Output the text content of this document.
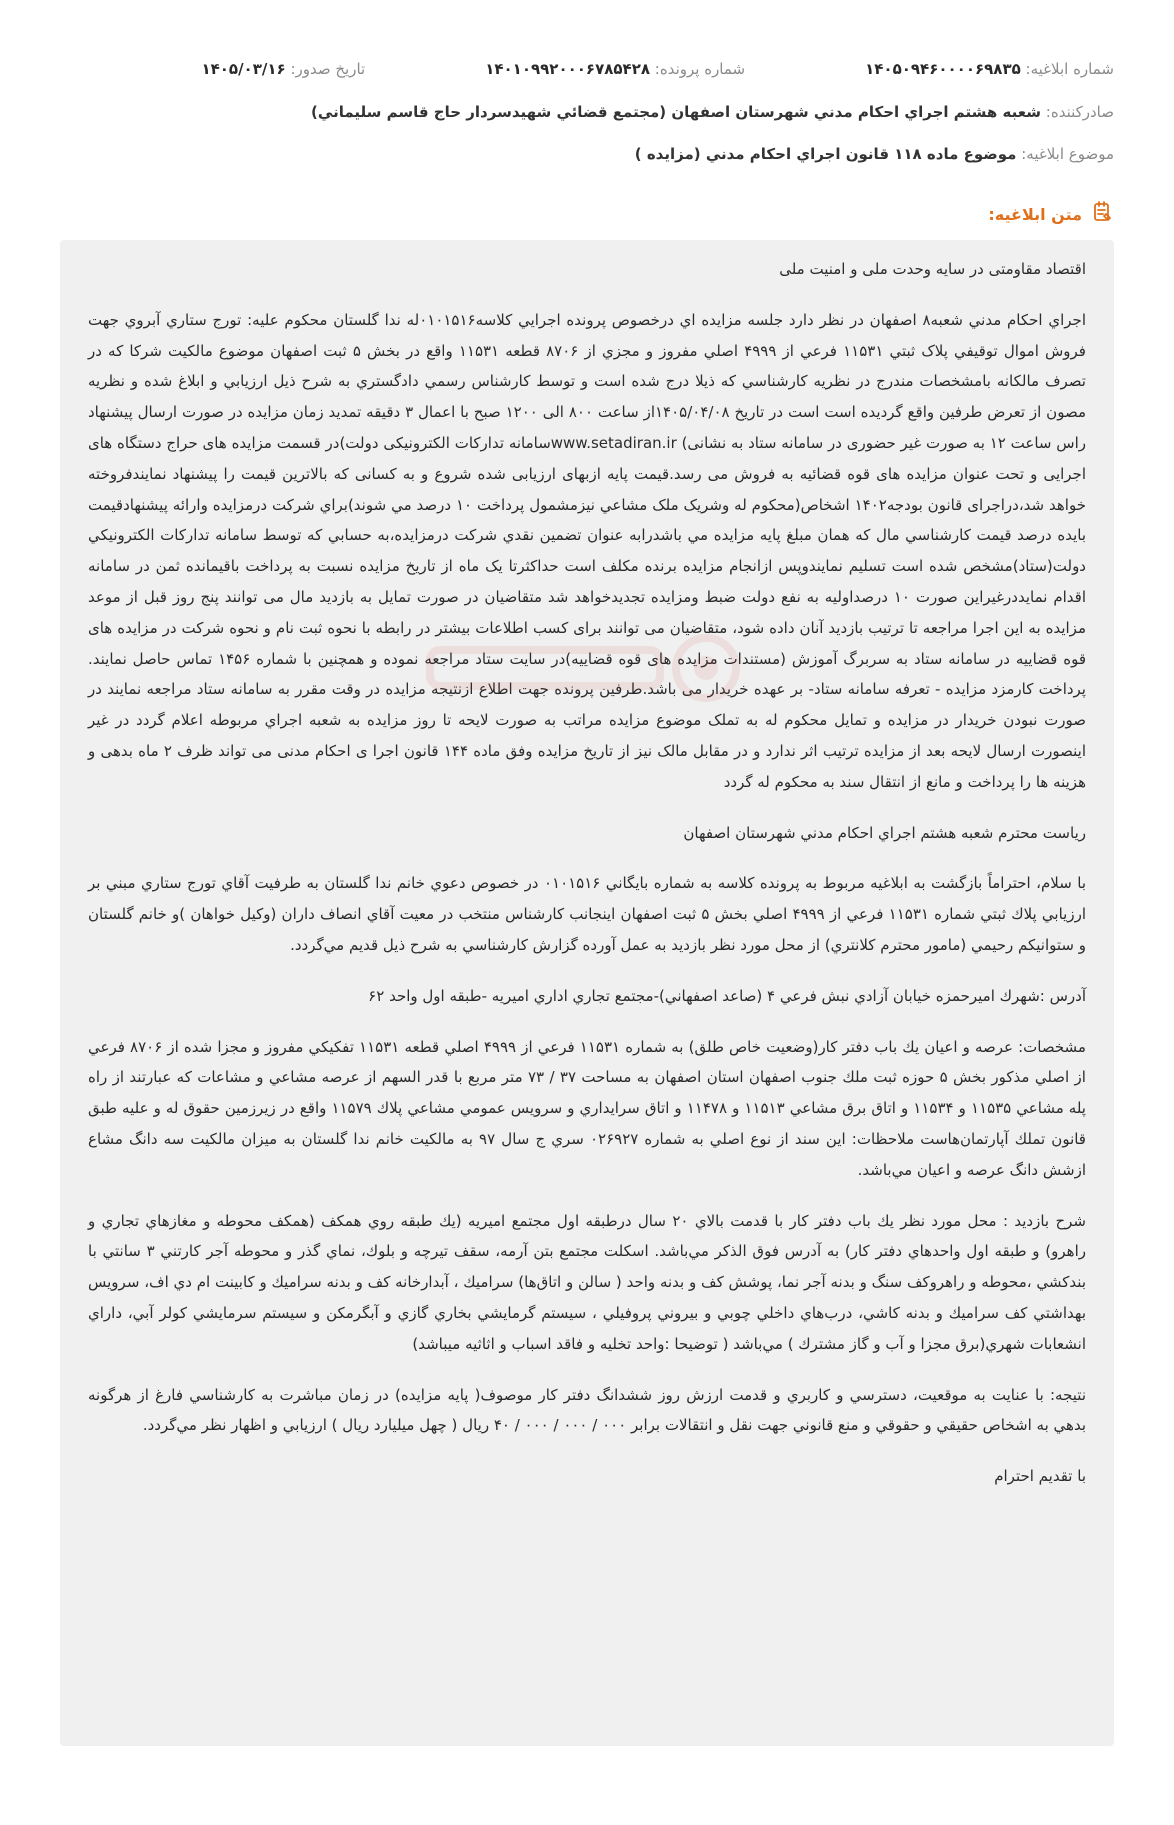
شماره ابلاغیه: ۱۴۰۵۰۹۴۶۰۰۰۰۶۹۸۳۵
شماره پرونده: ۱۴۰۱۰۹۹۲۰۰۰۶۷۸۵۴۲۸
تاریخ صدور: ۱۴۰۵/۰۳/۱۶
صادرکننده: شعبه هشتم اجراي احكام مدني شهرستان اصفهان (مجتمع قضائي شهيدسردار حاج قاسم سليماني)
موضوع ابلاغیه: موضوع ماده ۱۱۸ قانون اجراي احكام مدني (مزايده )
متن ابلاغیه:

اقتصاد مقاومتی در سایه وحدت ملی و امنیت ملی

اجراي احكام مدني شعبه۸ اصفهان در نظر دارد جلسه مزايده اي درخصوص پرونده اجرايي كلاسه۰۱۰۱۵۱۶له ندا گلستان محكوم عليه: تورج ستاري آبروي جهت فروش اموال توقيفي پلاک ثبتي ۱۱۵۳۱ فرعي از ۴۹۹۹ اصلي مفروز و مجزي از ۸۷۰۶ قطعه ۱۱۵۳۱ واقع در بخش ۵ ثبت اصفهان موضوع مالكيت شركا كه در تصرف مالكانه بامشخصات مندرج در نظريه كارشناسي كه ذيلا درج شده است و توسط كارشناس رسمي دادگستري به شرح ذيل ارزيابي و ابلاغ شده و نظريه مصون از تعرض طرفين واقع گرديده است است در تاريخ ۱۴۰۵/۰۴/۰۸از ساعت ۸۰۰ الی ۱۲۰۰ صبح با اعمال ۳ دقیقه تمدید زمان مزایده در صورت ارسال پیشنهاد راس ساعت ۱۲ به صورت غیر حضوری در سامانه ستاد به نشانی) www.setadiran.irسامانه تداركات الكترونيكی دولت)در قسمت مزایده های حراج دستگاه های اجرایی و تحت عنوان مزایده های قوه قضائیه به فروش می رسد.قیمت پایه ازبهای ارزیابی شده شروع و به كسانی كه بالاترین قیمت را پیشنهاد نمایندفروخته خواهد شد،دراجرای قانون بودجه۱۴۰۲ اشخاص(محكوم له وشريک ملک مشاعي نيزمشمول پرداخت ۱۰ درصد مي شوند)براي شركت درمزايده وارائه پيشنهادقيمت بايده درصد قيمت كارشناسي مال كه همان مبلغ پايه مزايده مي باشدرابه عنوان تضمين نقدي شركت درمزايده،به حسابي كه توسط سامانه تداركات الكترونيكي دولت(ستاد)مشخص شده است تسليم نمايندوپس ازانجام مزايده برنده مكلف است حداكثرتا يک ماه از تاريخ مزايده نسبت به پرداخت باقيمانده ثمن در سامانه اقدام نمايددرغيراين صورت ۱۰ درصداوليه به نفع دولت ضبط ومزايده تجديدخواهد شد متقاضیان در صورت تمایل به بازدید مال می توانند پنج روز قبل از موعد مزایده به این اجرا مراجعه تا ترتیب بازدید آنان داده شود، متقاضیان می توانند برای كسب اطلاعات بیشتر در رابطه با نحوه ثبت نام و نحوه شركت در مزایده های قوه قضاییه در سامانه ستاد به سربرگ آموزش (مستندات مزایده های قوه قضاییه)در سایت ستاد مراجعه نموده و همچنین با شماره ۱۴۵۶ تماس حاصل نمایند. پرداخت كارمزد مزایده - تعرفه سامانه ستاد- بر عهده خریدار می باشد.طرفین پرونده جهت اطلاع ازنتيجه مزايده در وقت مقرر به سامانه ستاد مراجعه نمايند در صورت نبودن خريدار در مزايده و تمايل محكوم له به تملک موضوع مزايده مراتب به صورت لايحه تا روز مزايده به شعبه اجراي مربوطه اعلام گردد در غير اينصورت ارسال لايحه بعد از مزايده ترتيب اثر ندارد و در مقابل مالک نيز از تاريخ مزايده وفق ماده ۱۴۴ قانون اجرا ی احکام مدنی می تواند ظرف ۲ ماه بدهی و هزينه ها را پرداخت و مانع از انتقال سند به محکوم له گردد

رياست محترم شعبه هشتم اجراي احكام مدني شهرستان اصفهان

با سلام، احتراماً بازگشت به ابلاغيه مربوط به پرونده كلاسه به شماره بايگاني ۰۱۰۱۵۱۶ در خصوص دعوي خانم ندا گلستان به طرفيت آقاي تورج ستاري مبني بر ارزيابي پلاك ثبتي شماره ۱۱۵۳۱ فرعي از ۴۹۹۹ اصلي بخش ۵ ثبت اصفهان اينجانب كارشناس منتخب در معيت آقاي انصاف داران (وكيل خواهان )و خانم گلستان و ستوانيكم رحيمي (مامور محترم كلانتري) از محل مورد نظر بازديد به عمل آورده گزارش كارشناسي به شرح ذيل قديم مي‌گردد.

آدرس :شهرك اميرحمزه خيابان آزادي نبش فرعي ۴ (صاعد اصفهاني)-مجتمع تجاري اداري اميريه -طبقه اول واحد ۶۲

مشخصات: عرصه و اعيان يك باب دفتر كار(وضعيت خاص طلق) به شماره ۱۱۵۳۱ فرعي از ۴۹۹۹ اصلي قطعه ۱۱۵۳۱ تفكيكي مفروز و مجزا شده از ۸۷۰۶ فرعي از اصلي مذكور بخش ۵ حوزه ثبت ملك جنوب اصفهان استان اصفهان به مساحت ۳۷ / ۷۳ متر مربع با قدر السهم از عرصه مشاعي و مشاعات كه عبارتند از راه پله مشاعي ۱۱۵۳۵ و ۱۱۵۳۴ و اتاق برق مشاعي ۱۱۵۱۳ و ۱۱۴۷۸ و اتاق سرايداري و سرويس عمومي مشاعي پلاك ۱۱۵۷۹ واقع در زيرزمين حقوق له و عليه طبق قانون تملك آپارتمان‌هاست ملاحظات: اين سند از نوع اصلي به شماره ۰۲۶۹۲۷ سري ج سال ۹۷ به مالكيت خانم ندا گلستان به ميزان مالكيت سه دانگ مشاع ازشش دانگ عرصه و اعيان مي‌باشد.

شرح بازديد : محل مورد نظر يك باب دفتر كار با قدمت بالاي ۲۰ سال درطبقه اول مجتمع اميريه (يك طبقه روي همكف (همكف محوطه و مغازهاي تجاري و راهرو) و طبقه اول واحدهاي دفتر كار) به آدرس فوق الذكر مي‌باشد. اسكلت مجتمع بتن آرمه، سقف تيرچه و بلوك، نماي گذر و محوطه آجر كارتني ۳ سانتي با بندكشي ،محوطه و راهروكف سنگ و بدنه آجر نما، پوشش كف و بدنه واحد ( سالن و اتاق‌ها) سراميك ، آبدارخانه كف و بدنه سراميك و كابينت ام دي اف، سرويس بهداشتي كف سراميك و بدنه كاشي، درب‌هاي داخلي چوبي و بيروني پروفيلي ، سيستم گرمايشي بخاري گازي و آبگرمكن و سيستم سرمايشي كولر آبي، داراي انشعابات شهري(برق مجزا و آب و گاز مشترك ) مي‌باشد ( توضيحا :واحد تخليه و فاقد اسباب و اثاثيه ميباشد)

نتيجه: با عنايت به موقعيت، دسترسي و كاربري و قدمت ارزش روز ششدانگ دفتر كار موصوف( پايه مزايده) در زمان مباشرت به كارشناسي فارغ از هرگونه بدهي به اشخاص حقيقي و حقوقي و منع قانوني جهت نقل و انتقالات برابر ۰۰۰ / ۰۰۰ / ۰۰۰ / ۴۰ ريال ( چهل ميليارد ريال ) ارزيابي و اظهار نظر مي‌گردد.

با تقديم احترام
